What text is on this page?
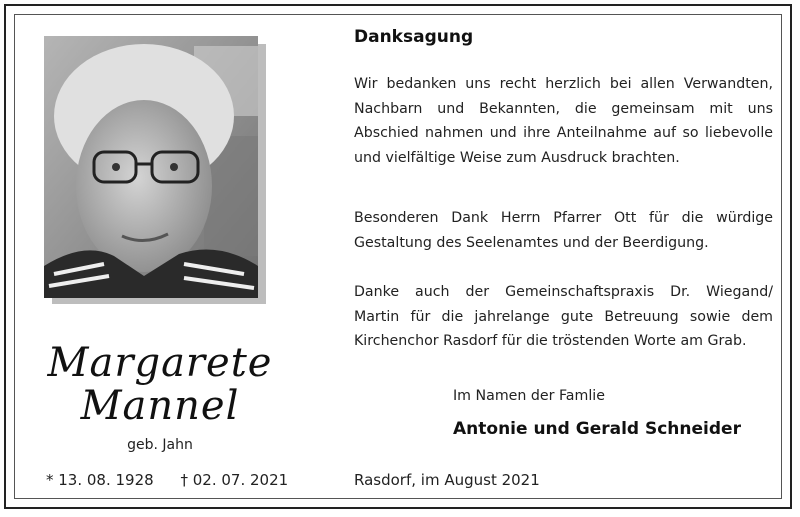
Margarete
Mannel
geb. Jahn
* 13. 08. 1928 † 02. 07. 2021
Danksagung
Wir bedanken uns recht herzlich bei allen Verwandten,
Nachbarn und Bekannten, die gemeinsam mit uns
Abschied nahmen und ihre Anteilnahme auf so liebevolle
und vielfältige Weise zum Ausdruck brachten.
Besonderen Dank Herrn Pfarrer Ott für die würdige
Gestaltung des Seelenamtes und der Beerdigung.
Danke auch der Gemeinschaftspraxis Dr. Wiegand/
Martin für die jahrelange gute Betreuung sowie dem
Kirchenchor Rasdorf für die tröstenden Worte am Grab.
Im Namen der Famlie
Antonie und Gerald Schneider
Rasdorf, im August 2021
